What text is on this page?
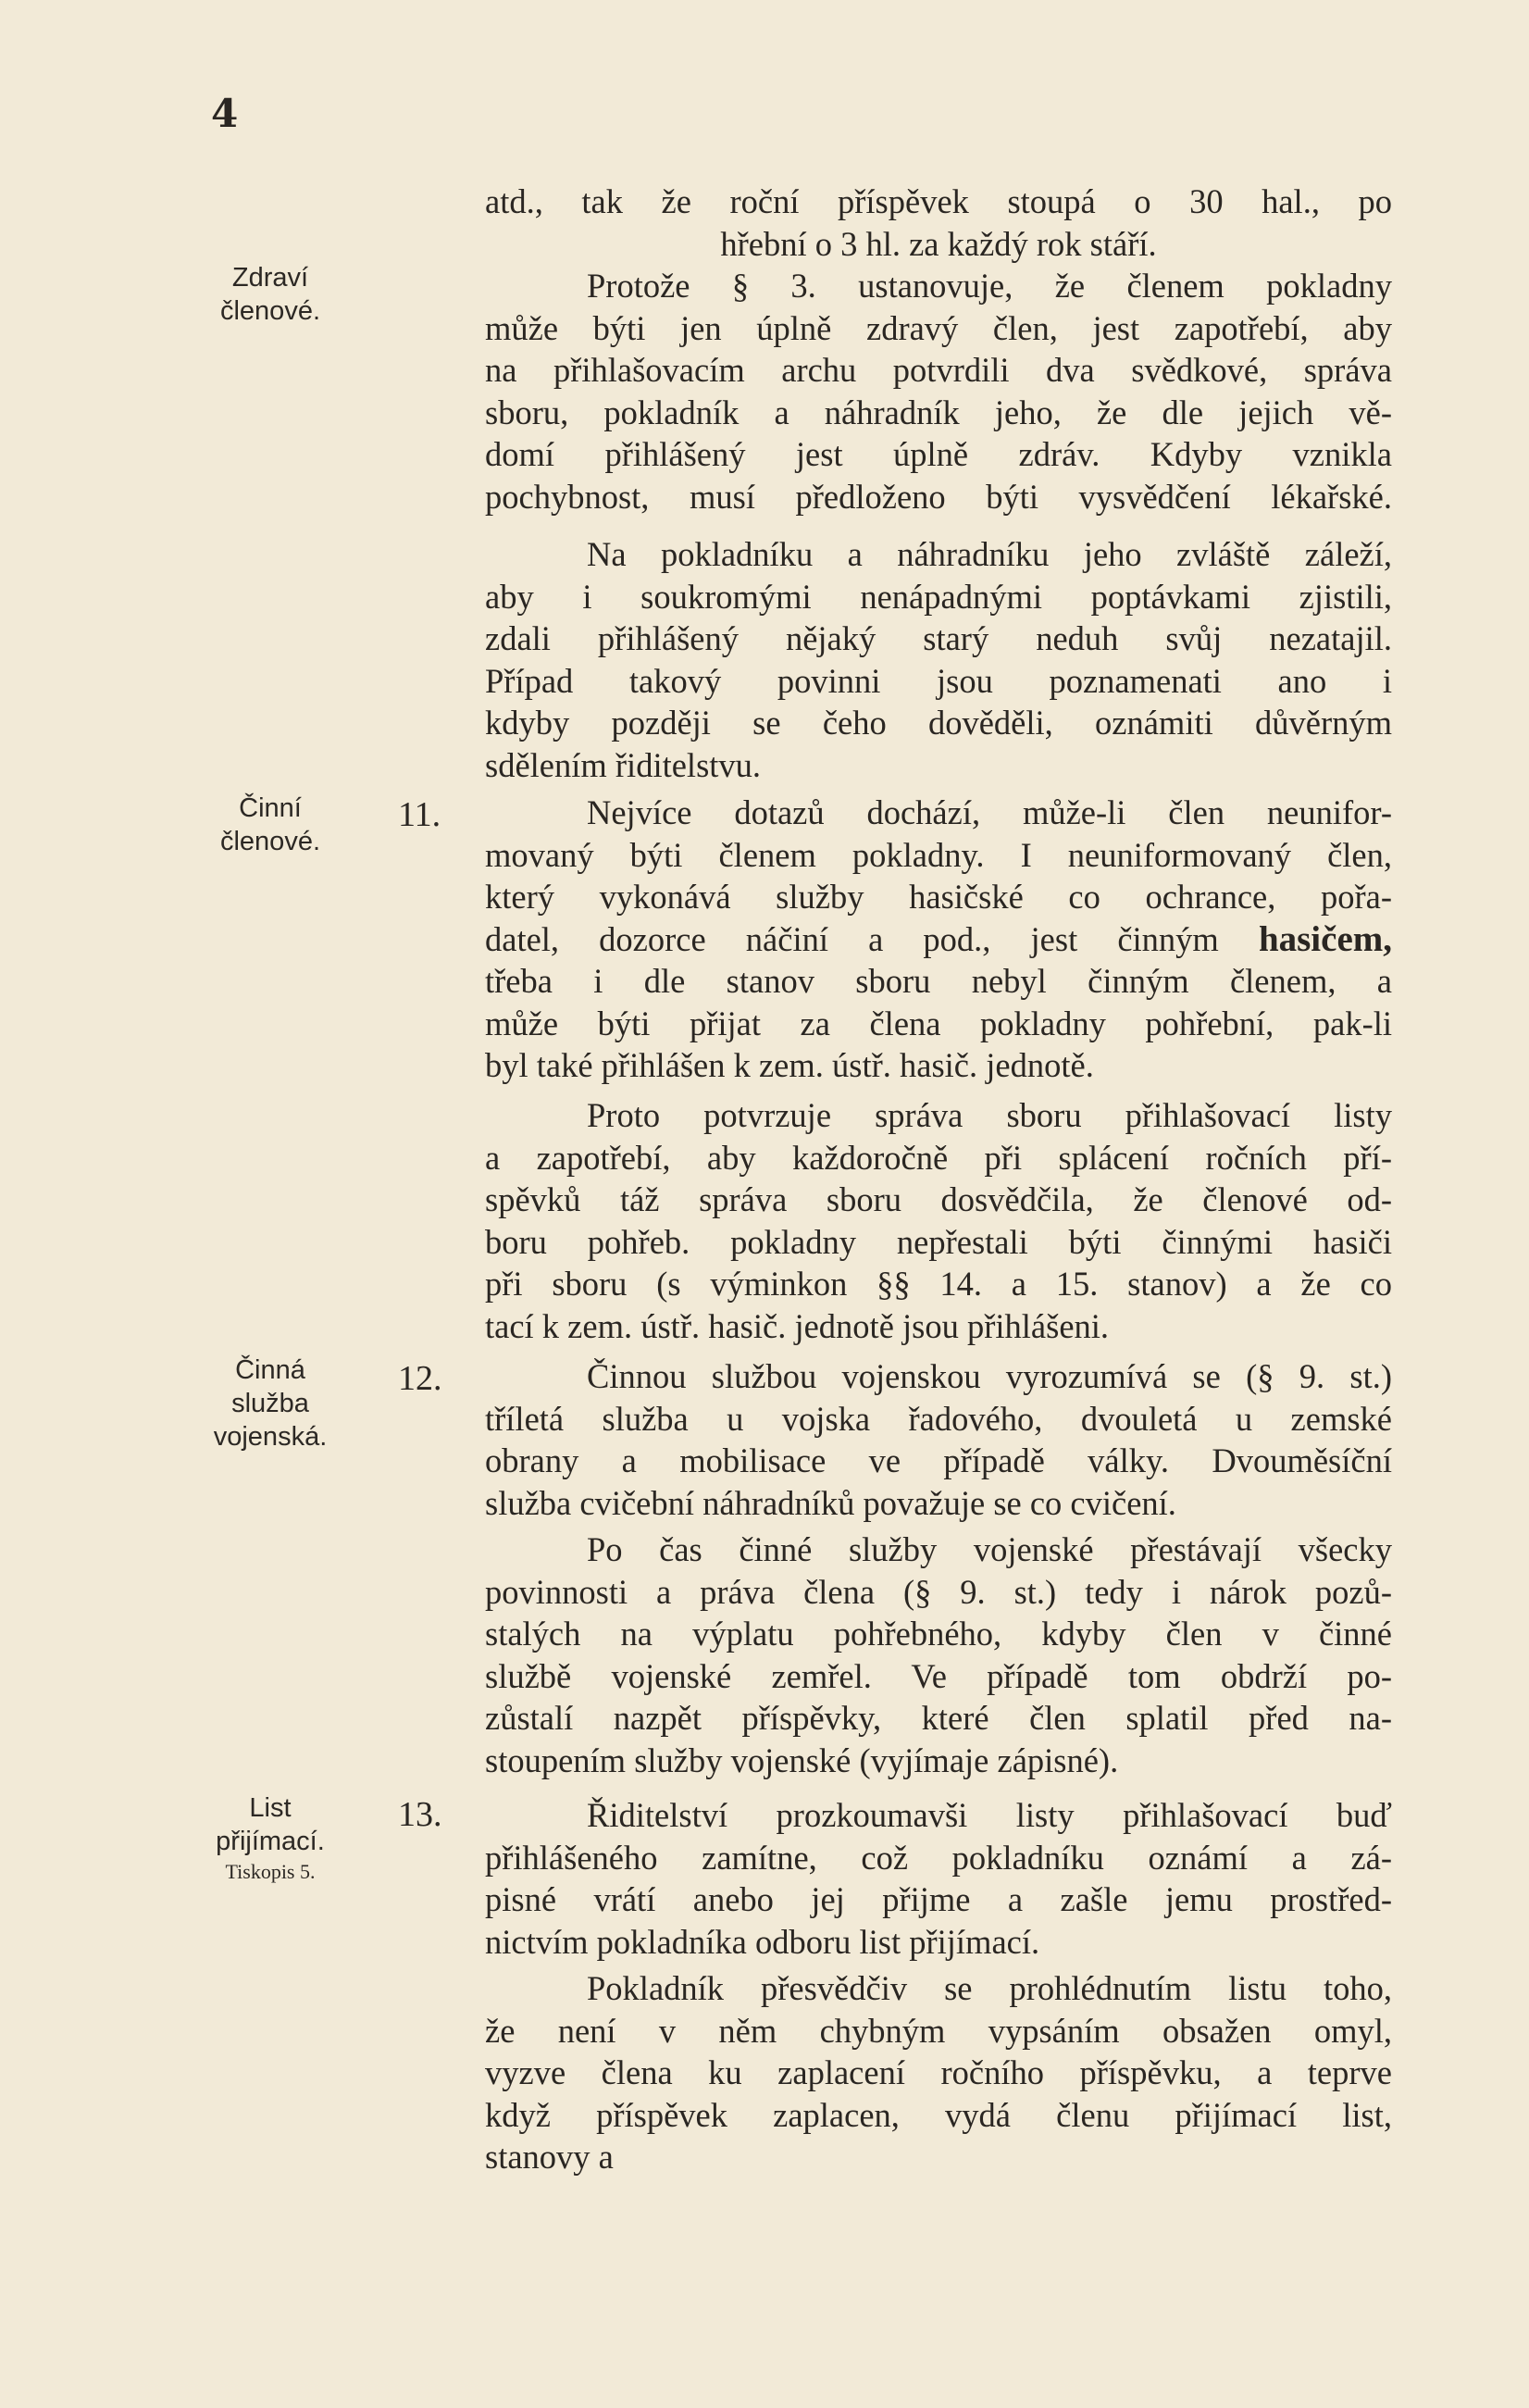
4
Zdraví
členové.
Činní
členové.
Činná
služba
vojenská.
List
přijímací.
Tiskopis 5.
11.
12.
13.
atd., tak že roční příspěvek stoupá o 30 hal., po
hřební o 3 hl. za každý rok stáří.
Protože § 3. ustanovuje, že členem pokladny
může býti jen úplně zdravý člen, jest zapotřebí, aby
na přihlašovacím archu potvrdili dva svědkové, správa
sboru, pokladník a náhradník jeho, že dle jejich vě-
domí přihlášený jest úplně zdráv. Kdyby vznikla
pochybnost, musí předloženo býti vysvědčení lékařské.
Na pokladníku a náhradníku jeho zvláště záleží,
aby i soukromými nenápadnými poptávkami zjistili,
zdali přihlášený nějaký starý neduh svůj nezatajil.
Případ takový povinni jsou poznamenati ano i
kdyby později se čeho dověděli, oznámiti důvěrným
sdělením řiditelstvu.
Nejvíce dotazů dochází, může-li člen neunifor-
movaný býti členem pokladny. I neuniformovaný člen,
který vykonává služby hasičské co ochrance, pořa-
datel, dozorce náčiní a pod., jest činným hasičem,
třeba i dle stanov sboru nebyl činným členem, a
může býti přijat za člena pokladny pohřební, pak-li
byl také přihlášen k zem. ústř. hasič. jednotě.
Proto potvrzuje správa sboru přihlašovací listy
a zapotřebí, aby každoročně při splácení ročních pří-
spěvků táž správa sboru dosvědčila, že členové od-
boru pohřeb. pokladny nepřestali býti činnými hasiči
při sboru (s výminkon §§ 14. a 15. stanov) a že co
tací k zem. ústř. hasič. jednotě jsou přihlášeni.
Činnou službou vojenskou vyrozumívá se (§ 9. st.)
tříletá služba u vojska řadového, dvouletá u zemské
obrany a mobilisace ve případě války. Dvouměsíční
služba cvičební náhradníků považuje se co cvičení.
Po čas činné služby vojenské přestávají všecky
povinnosti a práva člena (§ 9. st.) tedy i nárok pozů-
stalých na výplatu pohřebného, kdyby člen v činné
službě vojenské zemřel. Ve případě tom obdrží po-
zůstalí nazpět příspěvky, které člen splatil před na-
stoupením služby vojenské (vyjímaje zápisné).
Řiditelství prozkoumavši listy přihlašovací buď
přihlášeného zamítne, což pokladníku oznámí a zá-
pisné vrátí anebo jej přijme a zašle jemu prostřed-
nictvím pokladníka odboru list přijímací.
Pokladník přesvědčiv se prohlédnutím listu toho,
že není v něm chybným vypsáním obsažen omyl,
vyzve člena ku zaplacení ročního příspěvku, a teprve
když příspěvek zaplacen, vydá členu přijímací list,
stanovy a
